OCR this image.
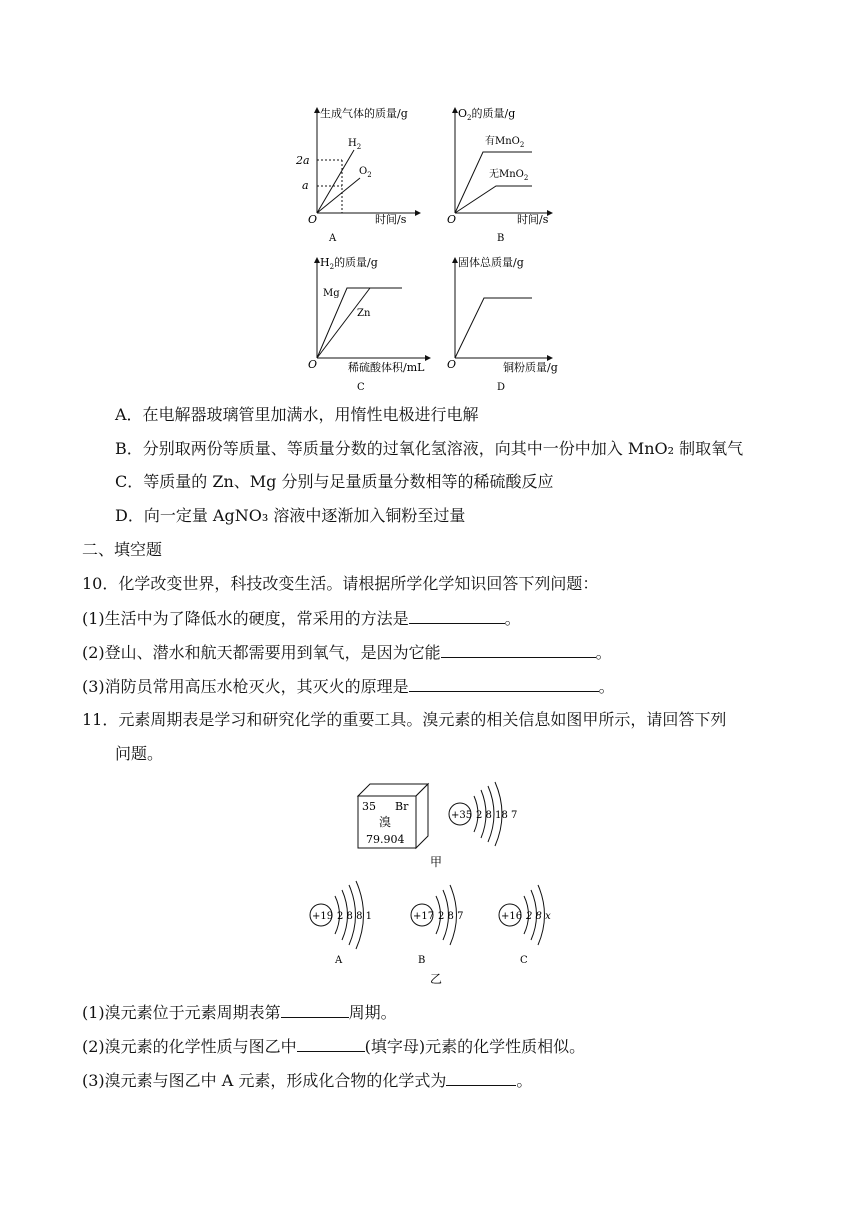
生成气体的质量/g
O	时间/s
A
2a
a
$H_2$
$O_2$
$O_2$的质量/g
O	时间/s
B
有MnO$_2$
无MnO$_2$
$H_2$的质量/g
O	稀硫酸体积/mL
C
Mg
Zn
固体总质量/g
O	铜粉质量/g
D
A．在电解器玻璃管里加满水，用惰性电极进行电解
B．分别取两份等质量、等质量分数的过氧化氢溶液，向其中一份中加入 MnO₂ 制取氧气
C．等质量的 Zn、Mg 分别与足量质量分数相等的稀硫酸反应
D．向一定量 AgNO₃ 溶液中逐渐加入铜粉至过量
二、填空题
10．化学改变世界，科技改变生活。请根据所学化学知识回答下列问题：
(1)生活中为了降低水的硬度，常采用的方法是	。
(2)登山、潜水和航天都需要用到氧气，是因为它能	。
(3)消防员常用高压水枪灭火，其灭火的原理是	。
11．元素周期表是学习和研究化学的重要工具。溴元素的相关信息如图甲所示，请回答下列
问题。
35 Br
溴
79.904
+35 2 8 18 7
甲
+19 2 8 8 1
A
+17 2 8 7
B
+16 2 8 x
C
乙
(1)溴元素位于元素周期表第	周期。
(2)溴元素的化学性质与图乙中	(填字母)元素的化学性质相似。
(3)溴元素与图乙中 A 元素，形成化合物的化学式为	。
